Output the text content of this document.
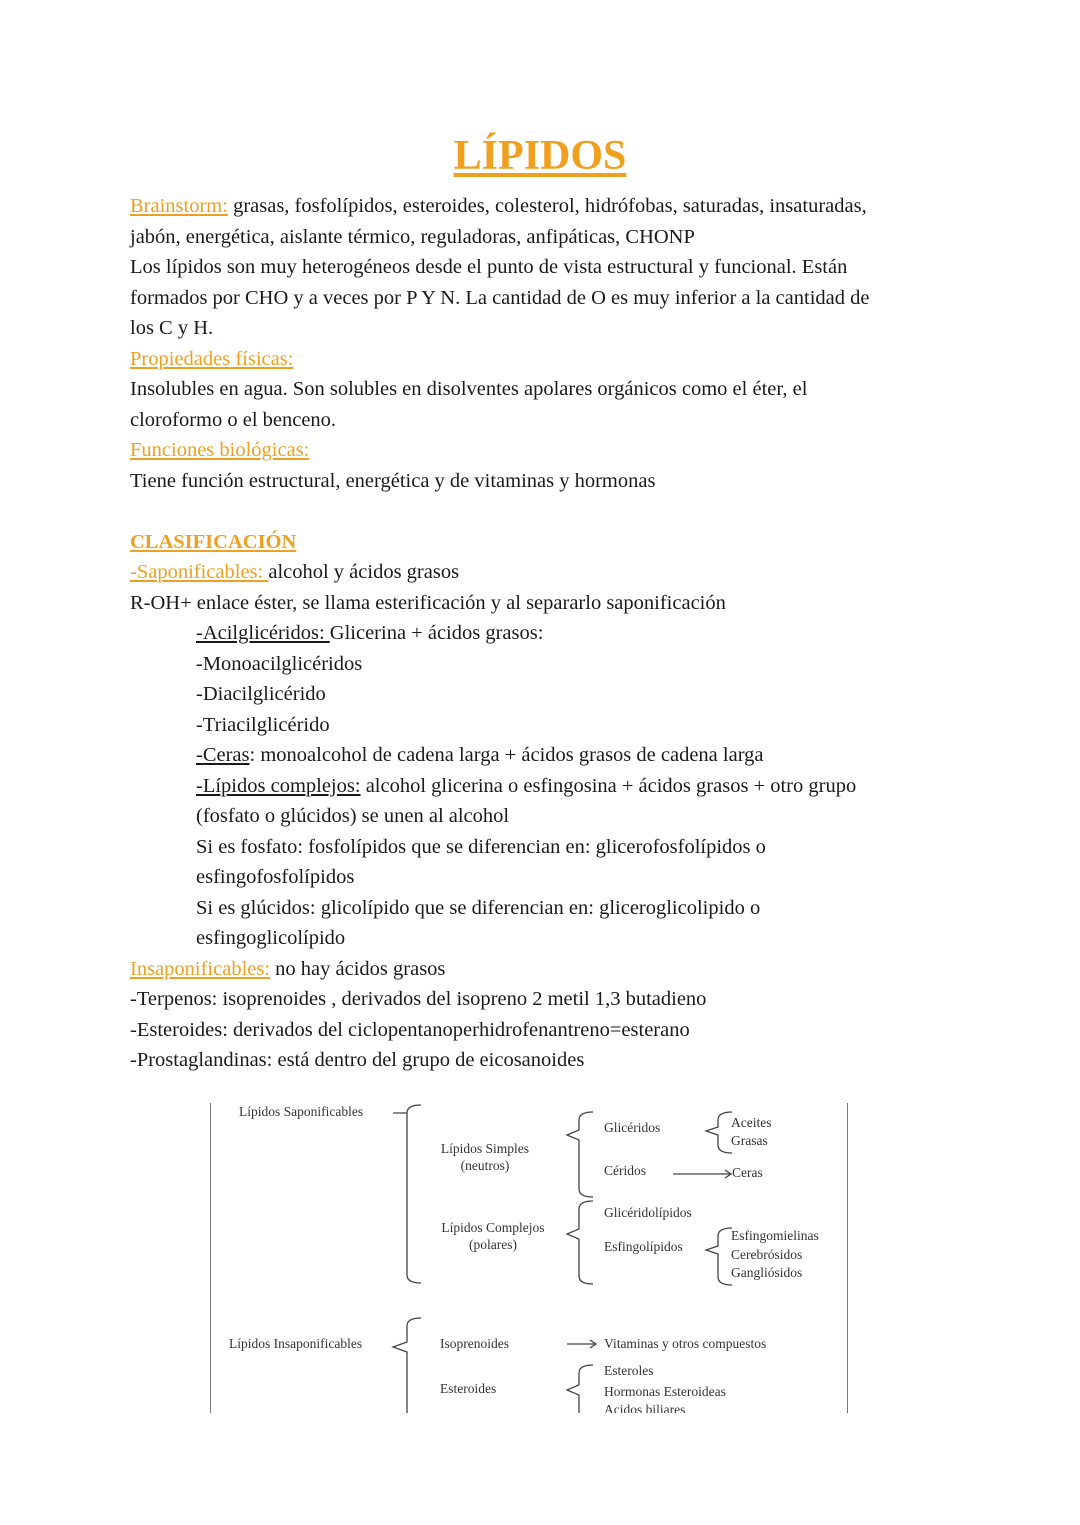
LÍPIDOS
Brainstorm: grasas, fosfolípidos, esteroides, colesterol, hidrófobas, saturadas, insaturadas,
jabón, energética, aislante térmico, reguladoras, anfipáticas, CHONP
Los lípidos son muy heterogéneos desde el punto de vista estructural y funcional. Están
formados por CHO y a veces por P Y N. La cantidad de O es muy inferior a la cantidad de
los C y H.
Propiedades físicas:
Insolubles en agua. Son solubles en disolventes apolares orgánicos como el éter, el
cloroformo o el benceno.
Funciones biológicas:
Tiene función estructural, energética y de vitaminas y hormonas
CLASIFICACIÓN
-Saponificables: alcohol y ácidos grasos
R-OH+ enlace éster, se llama esterificación y al separarlo saponificación
-Acilglicéridos: Glicerina + ácidos grasos:
-Monoacilglicéridos
-Diacilglicérido
-Triacilglicérido
-Ceras: monoalcohol de cadena larga + ácidos grasos de cadena larga
-Lípidos complejos: alcohol glicerina o esfingosina + ácidos grasos + otro grupo
(fosfato o glúcidos) se unen al alcohol
Si es fosfato: fosfolípidos que se diferencian en: glicerofosfolípidos o
esfingofosfolípidos
Si es glúcidos: glicolípido que se diferencian en: gliceroglicolipido o
esfingoglicolípido
Insaponificables: no hay ácidos grasos
-Terpenos: isoprenoides , derivados del isopreno 2 metil 1,3 butadieno
-Esteroides: derivados del ciclopentanoperhidrofenantreno=esterano
-Prostaglandinas: está dentro del grupo de eicosanoides
Lípidos Saponificables
Lípidos Simples
(neutros)
Glicéridos	Aceites
Grasas
Céridos	Ceras
Lípidos Complejos
(polares)
Glicéridolípidos
Esfingolípidos
Esfingomielinas
Cerebrósidos
Gangliósidos
Lípidos Insaponificables	Isoprenoides	Vitaminas y otros compuestos
Esteroides
Esteroles
Hormonas Esteroideas
Acidos biliares
